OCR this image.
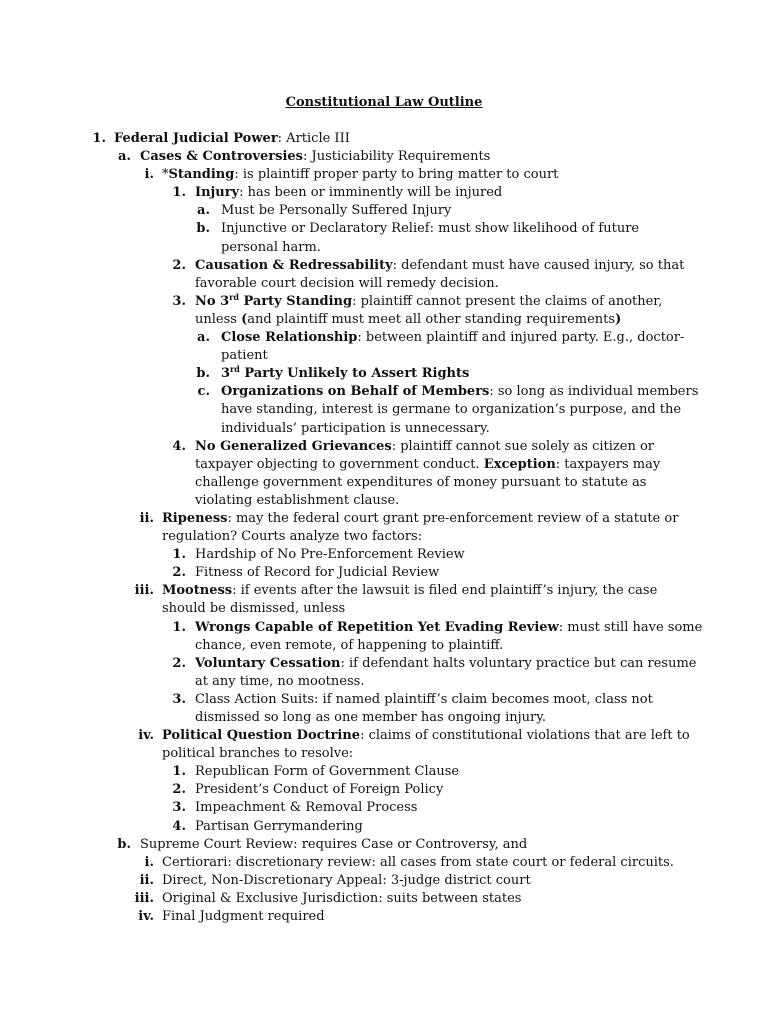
Constitutional Law Outline
1. Federal Judicial Power: Article III
a. Cases & Controversies: Justiciability Requirements
i. *Standing: is plaintiff proper party to bring matter to court
1. Injury: has been or imminently will be injured
a. Must be Personally Suffered Injury
b. Injunctive or Declaratory Relief: must show likelihood of future
personal harm.
2. Causation & Redressability: defendant must have caused injury, so that
favorable court decision will remedy decision.
3. No 3rd Party Standing: plaintiff cannot present the claims of another,
unless (and plaintiff must meet all other standing requirements)
a. Close Relationship: between plaintiff and injured party. E.g., doctor-
patient
b. 3rd Party Unlikely to Assert Rights
c. Organizations on Behalf of Members: so long as individual members
have standing, interest is germane to organization’s purpose, and the
individuals’ participation is unnecessary.
4. No Generalized Grievances: plaintiff cannot sue solely as citizen or
taxpayer objecting to government conduct. Exception: taxpayers may
challenge government expenditures of money pursuant to statute as
violating establishment clause.
ii. Ripeness: may the federal court grant pre-enforcement review of a statute or
regulation? Courts analyze two factors:
1. Hardship of No Pre-Enforcement Review
2. Fitness of Record for Judicial Review
iii. Mootness: if events after the lawsuit is filed end plaintiff’s injury, the case
should be dismissed, unless
1. Wrongs Capable of Repetition Yet Evading Review: must still have some
chance, even remote, of happening to plaintiff.
2. Voluntary Cessation: if defendant halts voluntary practice but can resume
at any time, no mootness.
3. Class Action Suits: if named plaintiff’s claim becomes moot, class not
dismissed so long as one member has ongoing injury.
iv. Political Question Doctrine: claims of constitutional violations that are left to
political branches to resolve:
1. Republican Form of Government Clause
2. President’s Conduct of Foreign Policy
3. Impeachment & Removal Process
4. Partisan Gerrymandering
b. Supreme Court Review: requires Case or Controversy, and
i. Certiorari: discretionary review: all cases from state court or federal circuits.
ii. Direct, Non-Discretionary Appeal: 3-judge district court
iii. Original & Exclusive Jurisdiction: suits between states
iv. Final Judgment required
